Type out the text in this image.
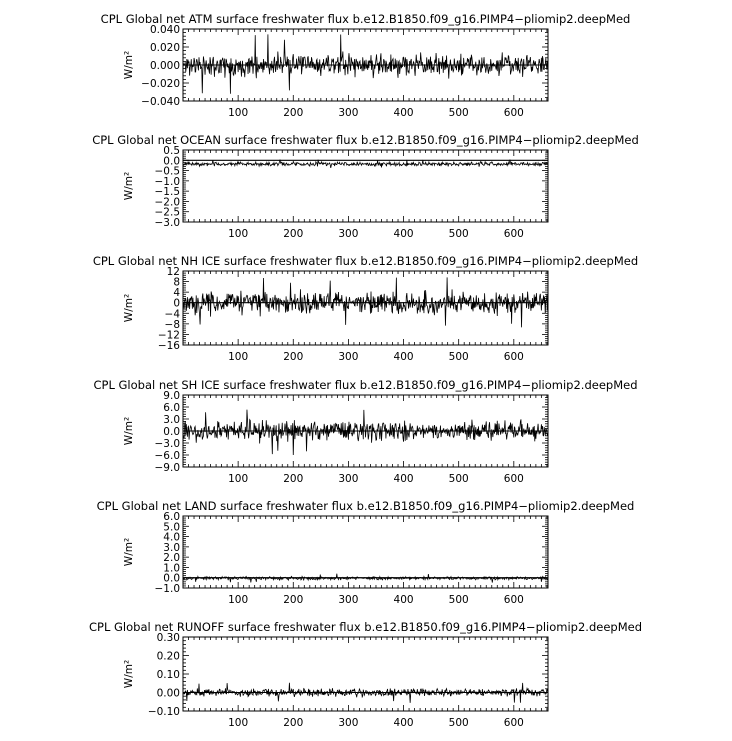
CPL Global net ATM surface freshwater flux b.e12.B1850.f09_g16.PIMP4−pliomip2.deepMed
100	200	300	400	500	600
0.040
0.020
0.000
−0.020
−0.040
W/m²
CPL Global net OCEAN surface freshwater flux b.e12.B1850.f09_g16.PIMP4−pliomip2.deepMed
100	200	300	400	500	600
0.5
0.0
−0.5
−1.0
−1.5
−2.0
−2.5
−3.0
W/m²
CPL Global net NH ICE surface freshwater flux b.e12.B1850.f09_g16.PIMP4−pliomip2.deepMed
100	200	300	400	500	600
12
8
4
0
−4
−8
−12
−16
W/m²
CPL Global net SH ICE surface freshwater flux b.e12.B1850.f09_g16.PIMP4−pliomip2.deepMed
100	200	300	400	500	600
9.0
6.0
3.0
0.0
−3.0
−6.0
−9.0
W/m²
CPL Global net LAND surface freshwater flux b.e12.B1850.f09_g16.PIMP4−pliomip2.deepMed
100	200	300	400	500	600
6.0
5.0
4.0
3.0
2.0
1.0
0.0
−1.0
W/m²
CPL Global net RUNOFF surface freshwater flux b.e12.B1850.f09_g16.PIMP4−pliomip2.deepMed
100	200	300	400	500	600
0.30
0.20
0.10
0.00
−0.10
W/m²
